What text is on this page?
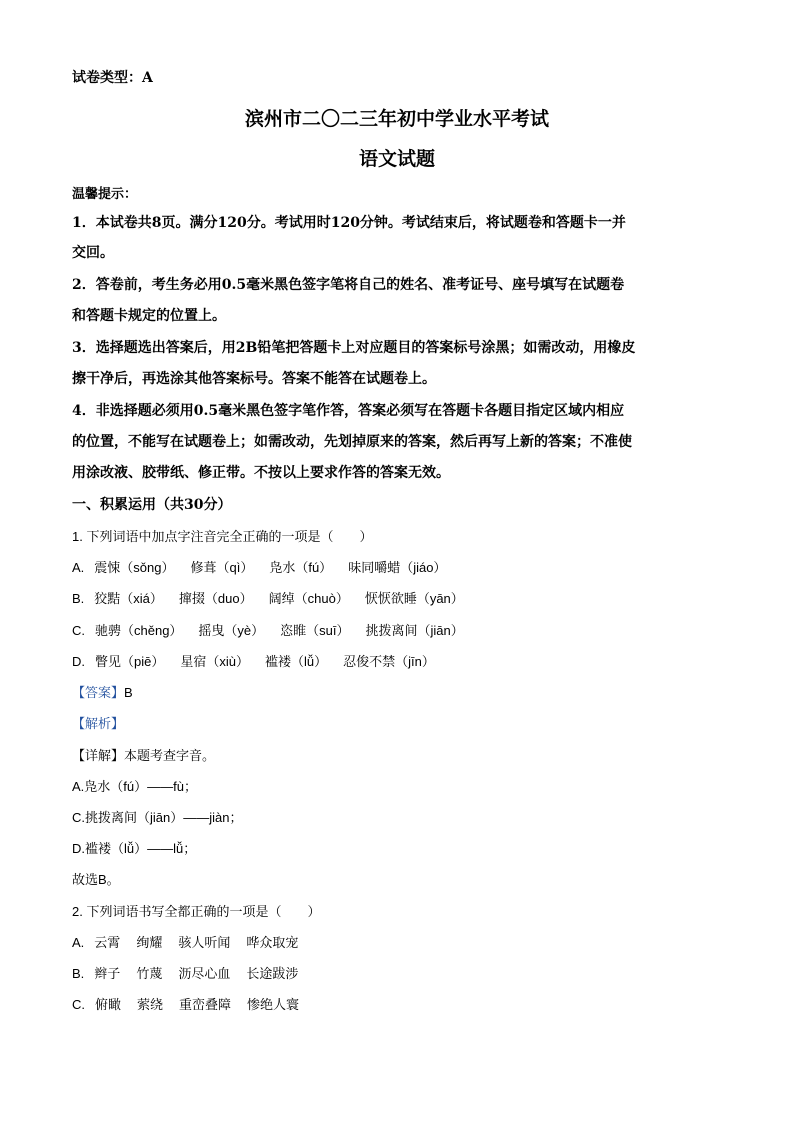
试卷类型：A
滨州市二〇二三年初中学业水平考试
语文试题
温馨提示：
1．本试卷共8页。满分120分。考试用时120分钟。考试结束后，将试题卷和答题卡一并
交回。
2．答卷前，考生务必用0.5毫米黑色签字笔将自己的姓名、准考证号、座号填写在试题卷
和答题卡规定的位置上。
3．选择题选出答案后，用2B铅笔把答题卡上对应题目的答案标号涂黑；如需改动，用橡皮
擦干净后，再选涂其他答案标号。答案不能答在试题卷上。
4．非选择题必须用0.5毫米黑色签字笔作答，答案必须写在答题卡各题目指定区域内相应
的位置，不能写在试题卷上；如需改动，先划掉原来的答案，然后再写上新的答案；不准使
用涂改液、胶带纸、修正带。不按以上要求作答的答案无效。
一、积累运用（共30分）
1. 下列词语中加点字注音完全正确的一项是（　　）
A. 震悚（sǒng） 修葺（qì） 凫水（fú） 味同嚼蜡（jiáo）
B. 狡黠（xiá） 撺掇（duo） 阔绰（chuò） 恹恹欲睡（yān）
C. 驰骋（chěng） 摇曳（yè） 恣睢（suī） 挑拨离间（jiān）
D. 瞥见（piē） 星宿（xiù） 褴褛（lǚ） 忍俊不禁（jīn）
【答案】B
【解析】
【详解】本题考查字音。
A.凫水（fú）——fù；
C.挑拨离间（jiān）——jiàn；
D.褴褛（lǚ）——lǚ；
故选B。
2. 下列词语书写全都正确的一项是（　　）
A. 云霄 绚耀 骇人听闻 哗众取宠
B. 辫子 竹蔑 沥尽心血 长途跋涉
C. 俯瞰 萦绕 重峦叠障 惨绝人寰
